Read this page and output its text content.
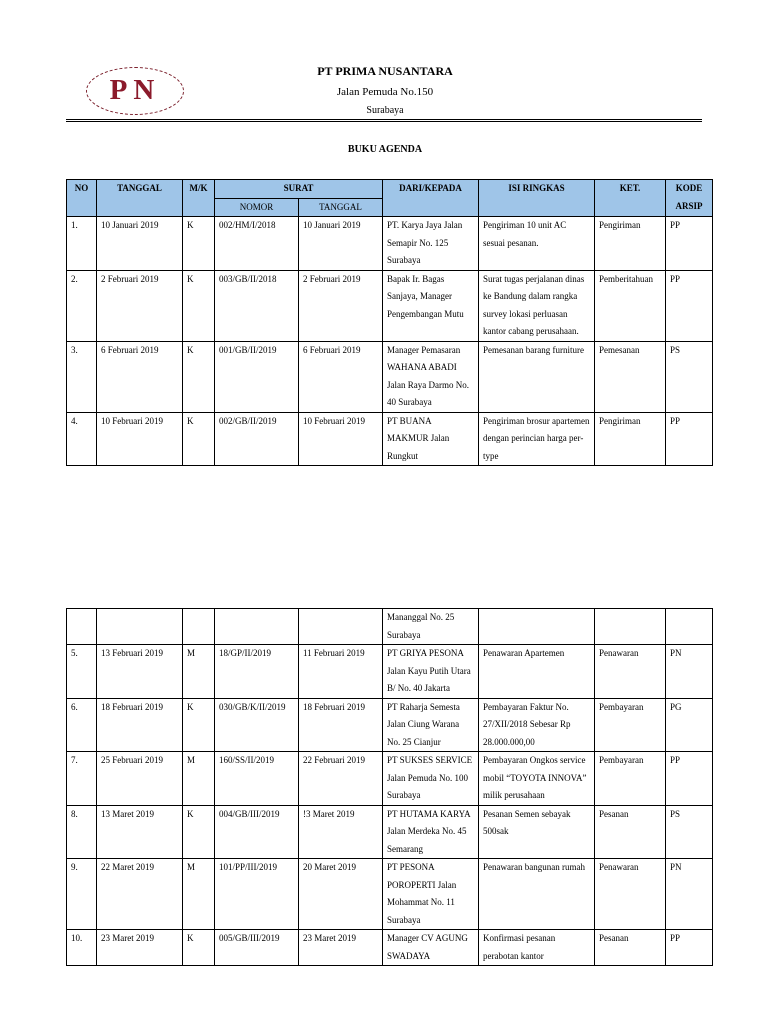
PN
PT PRIMA NUSANTARA
Jalan Pemuda No.150
Surabaya
BUKU AGENDA
NO	TANGGAL	M/K	SURAT		DARI/KEPADA	ISI RINGKAS	KET.	KODE ARSIP
			NOMOR	TANGGAL				
1.	10 Januari 2019	K	002/HM/I/2018	10 Januari 2019	PT. Karya Jaya Jalan Semapir No. 125 Surabaya	Pengiriman 10 unit AC sesuai pesanan.	Pengiriman	PP
2.	2 Februari 2019	K	003/GB/II/2018	2 Februari 2019	Bapak Ir. Bagas Sanjaya, Manager Pengembangan Mutu	Surat tugas perjalanan dinas ke Bandung dalam rangka survey lokasi perluasan kantor cabang perusahaan.	Pemberitahuan	PP
3.	6 Februari 2019	K	001/GB/II/2019	6 Februari 2019	Manager Pemasaran WAHANA ABADI Jalan Raya Darmo No. 40 Surabaya	Pemesanan barang furniture	Pemesanan	PS
4.	10 Februari 2019	K	002/GB/II/2019	10 Februari 2019	PT BUANA MAKMUR Jalan Rungkut	Pengiriman brosur apartemen dengan perincian harga per-type	Pengiriman	PP
					Mananggal No. 25 Surabaya			
5.	13 Februari 2019	M	18/GP/II/2019	11 Februari 2019	PT GRIYA PESONA Jalan Kayu Putih Utara B/ No. 40 Jakarta	Penawaran Apartemen	Penawaran	PN
6.	18 Februari 2019	K	030/GB/K/II/2019	18 Februari 2019	PT Raharja Semesta Jalan Ciung Warana No. 25 Cianjur	Pembayaran Faktur No. 27/XII/2018 Sebesar Rp 28.000.000,00	Pembayaran	PG
7.	25 Februari 2019	M	160/SS/II/2019	22 Februari 2019	PT SUKSES SERVICE Jalan Pemuda No. 100 Surabaya	Pembayaran Ongkos service mobil “TOYOTA INNOVA” milik perusahaan	Pembayaran	PP
8.	13 Maret 2019	K	004/GB/III/2019	!3 Maret 2019	PT HUTAMA KARYA Jalan Merdeka No. 45 Semarang	Pesanan Semen sebayak 500sak	Pesanan	PS
9.	22 Maret 2019	M	101/PP/III/2019	20 Maret 2019	PT PESONA POROPERTI Jalan Mohammat No. 11 Surabaya	Penawaran bangunan rumah	Penawaran	PN
10.	23 Maret 2019	K	005/GB/III/2019	23 Maret 2019	Manager CV AGUNG SWADAYA	Konfirmasi pesanan perabotan kantor	Pesanan	PP
